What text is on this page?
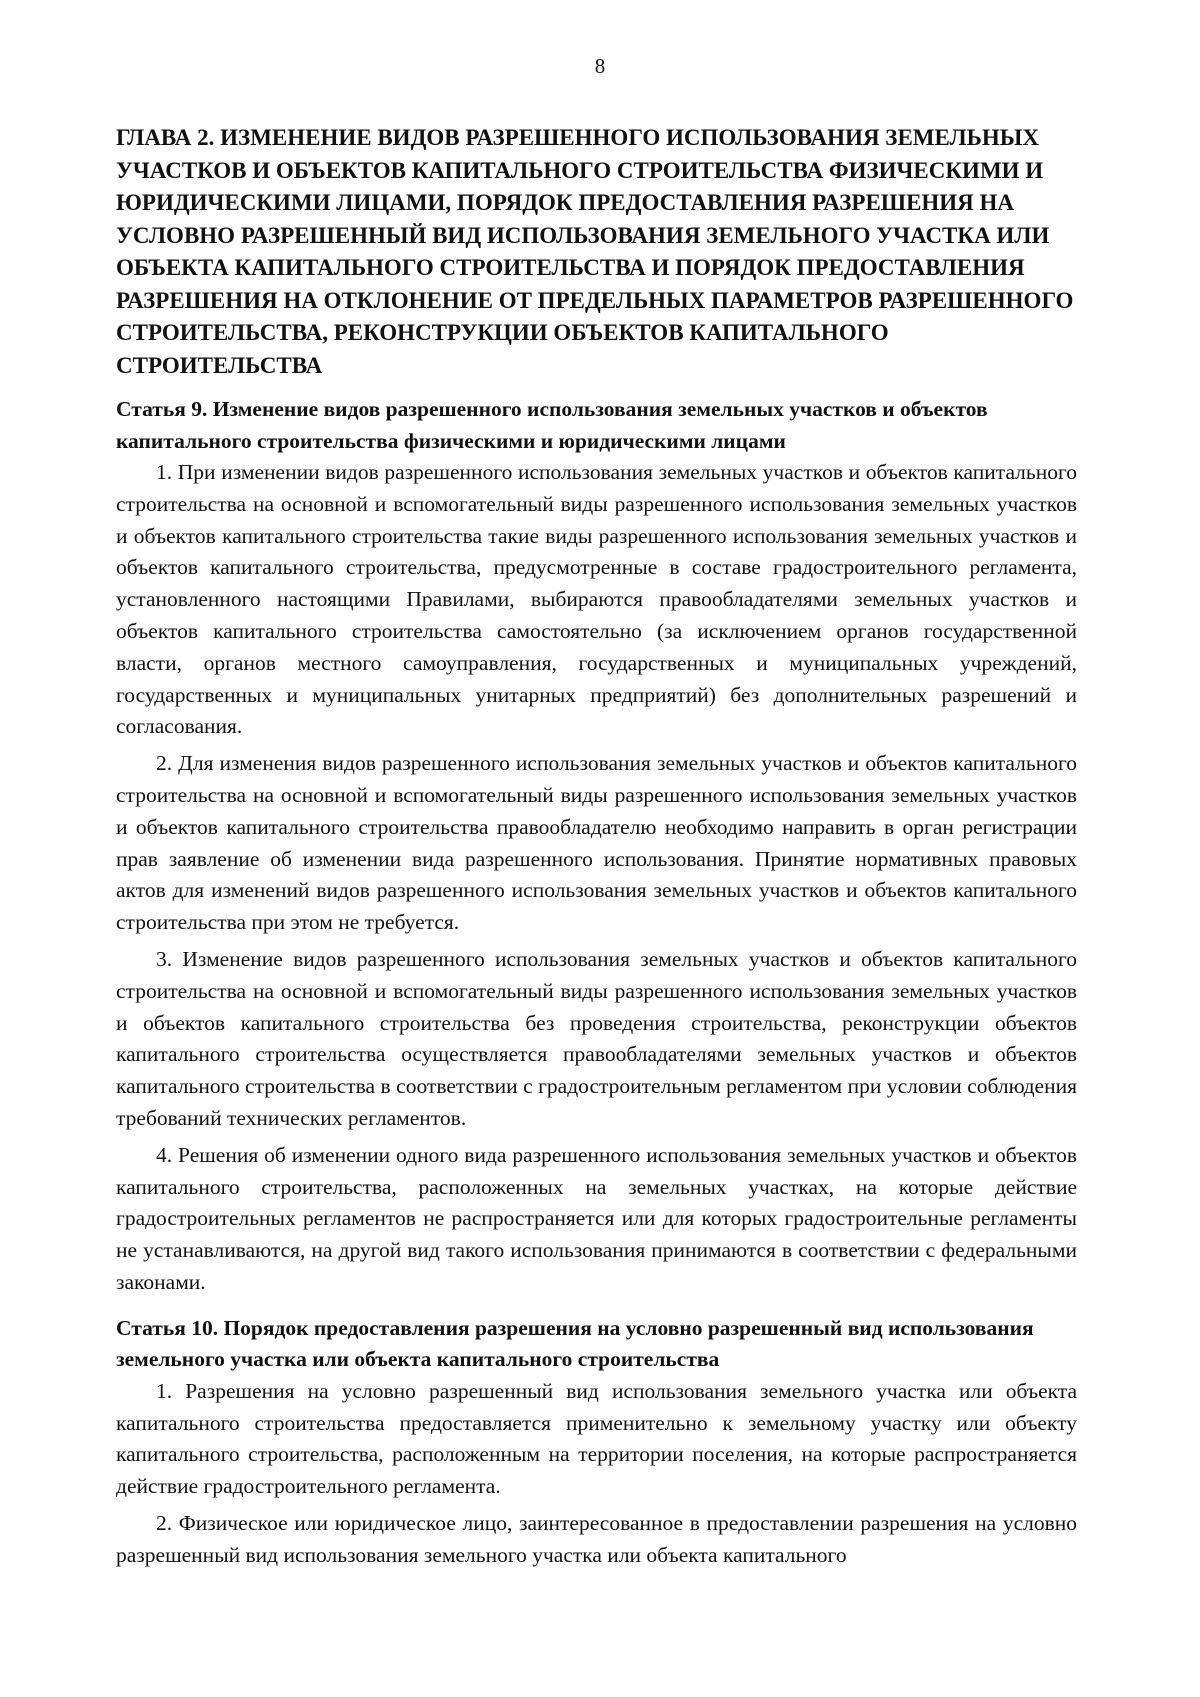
8
ГЛАВА 2. ИЗМЕНЕНИЕ ВИДОВ РАЗРЕШЕННОГО ИСПОЛЬЗОВАНИЯ ЗЕМЕЛЬНЫХ УЧАСТКОВ И ОБЪЕКТОВ КАПИТАЛЬНОГО СТРОИТЕЛЬСТВА ФИЗИЧЕСКИМИ И ЮРИДИЧЕСКИМИ ЛИЦАМИ, ПОРЯДОК ПРЕДОСТАВЛЕНИЯ РАЗРЕШЕНИЯ НА УСЛОВНО РАЗРЕШЕННЫЙ ВИД ИСПОЛЬЗОВАНИЯ ЗЕМЕЛЬНОГО УЧАСТКА ИЛИ ОБЪЕКТА КАПИТАЛЬНОГО СТРОИТЕЛЬСТВА И ПОРЯДОК ПРЕДОСТАВЛЕНИЯ РАЗРЕШЕНИЯ НА ОТКЛОНЕНИЕ ОТ ПРЕДЕЛЬНЫХ ПАРАМЕТРОВ РАЗРЕШЕННОГО СТРОИТЕЛЬСТВА, РЕКОНСТРУКЦИИ ОБЪЕКТОВ КАПИТАЛЬНОГО СТРОИТЕЛЬСТВА
Статья 9. Изменение видов разрешенного использования земельных участков и объектов капитального строительства физическими и юридическими лицами

1. При изменении видов разрешенного использования земельных участков и объектов капитального строительства на основной и вспомогательный виды разрешенного использования земельных участков и объектов капитального строительства такие виды разрешенного использования земельных участков и объектов капитального строительства, предусмотренные в составе градостроительного регламента, установленного настоящими Правилами, выбираются правообладателями земельных участков и объектов капитального строительства самостоятельно (за исключением органов государственной власти, органов местного самоуправления, государственных и муниципальных учреждений, государственных и муниципальных унитарных предприятий) без дополнительных разрешений и согласования.

2. Для изменения видов разрешенного использования земельных участков и объектов капитального строительства на основной и вспомогательный виды разрешенного использования земельных участков и объектов капитального строительства правообладателю необходимо направить в орган регистрации прав заявление об изменении вида разрешенного использования. Принятие нормативных правовых актов для изменений видов разрешенного использования земельных участков и объектов капитального строительства при этом не требуется.

3. Изменение видов разрешенного использования земельных участков и объектов капитального строительства на основной и вспомогательный виды разрешенного использования земельных участков и объектов капитального строительства без проведения строительства, реконструкции объектов капитального строительства осуществляется правообладателями земельных участков и объектов капитального строительства в соответствии с градостроительным регламентом при условии соблюдения требований технических регламентов.

4. Решения об изменении одного вида разрешенного использования земельных участков и объектов капитального строительства, расположенных на земельных участках, на которые действие градостроительных регламентов не распространяется или для которых градостроительные регламенты не устанавливаются, на другой вид такого использования принимаются в соответствии с федеральными законами.

Статья 10. Порядок предоставления разрешения на условно разрешенный вид использования земельного участка или объекта капитального строительства

1. Разрешения на условно разрешенный вид использования земельного участка или объекта капитального строительства предоставляется применительно к земельному участку или объекту капитального строительства, расположенным на территории поселения, на которые распространяется действие градостроительного регламента.

2. Физическое или юридическое лицо, заинтересованное в предоставлении разрешения на условно разрешенный вид использования земельного участка или объекта капитального
